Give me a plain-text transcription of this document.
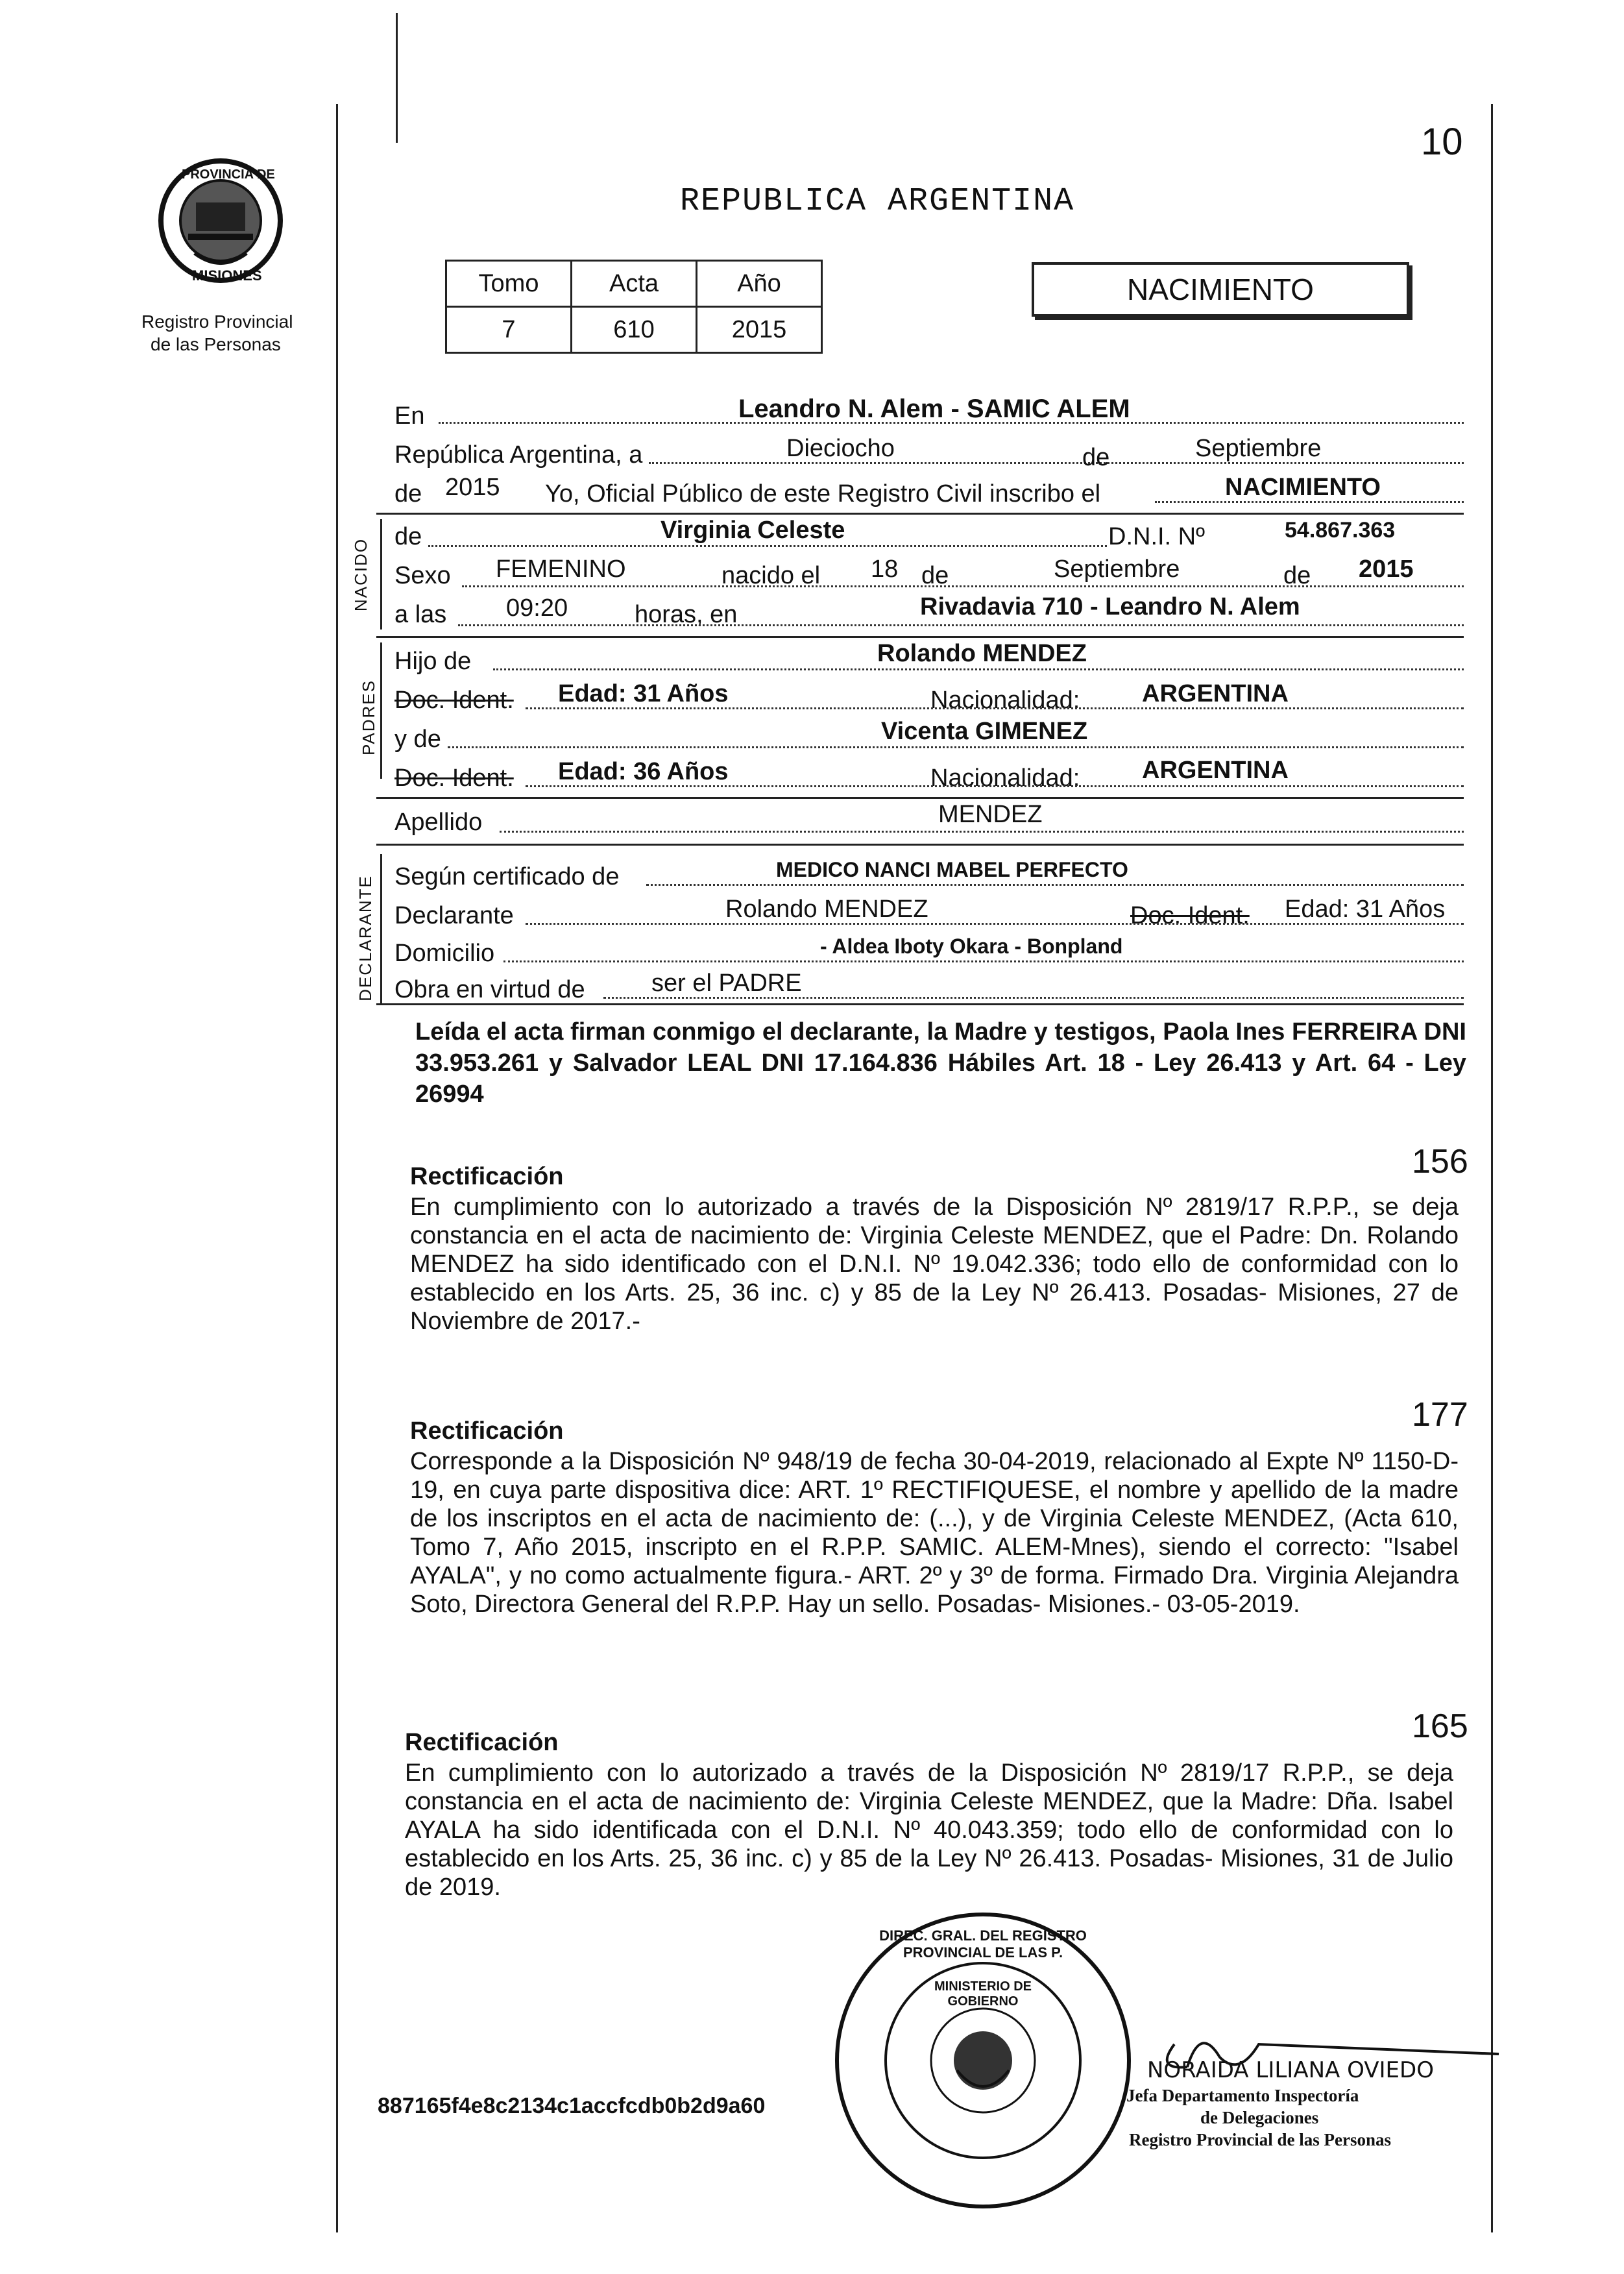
10
PROVINCIA DE
MISIONES
Registro Provincial
de las Personas
REPUBLICA ARGENTINA
Tomo	Acta	Año
7	610	2015
NACIMIENTO
En	Leandro N. Alem - SAMIC ALEM
República Argentina, a	Dieciocho	de	Septiembre
de 2015 Yo, Oficial Público de este Registro Civil inscribo el	NACIMIENTO
NACIDO
de	Virginia Celeste	D.N.I. Nº	54.867.363
Sexo FEMENINO	nacido el 18 de	Septiembre	de 2015
a las 09:20	horas, en	Rivadavia 710 - Leandro N. Alem
PADRES
Hijo de	Rolando MENDEZ
Doc. Ident. Edad: 31 Años	Nacionalidad:	ARGENTINA
y de	Vicenta GIMENEZ
Doc. Ident. Edad: 36 Años	Nacionalidad:	ARGENTINA
Apellido	MENDEZ
DECLARANTE Según certificado de	MEDICO NANCI MABEL PERFECTO
Declarante	Rolando MENDEZ	Doc. Ident. Edad: 31 Años
Domicilio	- Aldea Iboty Okara - Bonpland
Obra en virtud de	ser el PADRE
Leída el acta firman conmigo el declarante, la Madre y testigos, Paola Ines FERREIRA DNI 33.953.261 y Salvador LEAL DNI 17.164.836 Hábiles Art. 18 - Ley 26.413 y Art. 64 - Ley 26994
156
Rectificación
En cumplimiento con lo autorizado a través de la Disposición Nº 2819/17 R.P.P., se deja constancia en el acta de nacimiento de: Virginia Celeste MENDEZ, que el Padre: Dn. Rolando MENDEZ ha sido identificado con el D.N.I. Nº 19.042.336; todo ello de conformidad con lo establecido en los Arts. 25, 36 inc. c) y 85 de la Ley Nº 26.413. Posadas- Misiones, 27 de Noviembre de 2017.-
177
Rectificación
Corresponde a la Disposición Nº 948/19 de fecha 30-04-2019, relacionado al Expte Nº 1150-D-19, en cuya parte dispositiva dice: ART. 1º RECTIFIQUESE, el nombre y apellido de la madre de los inscriptos en el acta de nacimiento de: (...), y de Virginia Celeste MENDEZ, (Acta 610, Tomo 7, Año 2015, inscripto en el R.P.P. SAMIC. ALEM-Mnes), siendo el correcto: "Isabel AYALA", y no como actualmente figura.- ART. 2º y 3º de forma. Firmado Dra. Virginia Alejandra Soto, Directora General del R.P.P. Hay un sello. Posadas- Misiones.- 03-05-2019.
165
Rectificación
En cumplimiento con lo autorizado a través de la Disposición Nº 2819/17 R.P.P., se deja constancia en el acta de nacimiento de: Virginia Celeste MENDEZ, que la Madre: Dña. Isabel AYALA ha sido identificada con el D.N.I. Nº 40.043.359; todo ello de conformidad con lo establecido en los Arts. 25, 36 inc. c) y 85 de la Ley Nº 26.413. Posadas- Misiones, 31 de Julio de 2019.
DIREC. GRAL. DEL REGISTRO PROVINCIAL DE LAS P.
MINISTERIO DE GOBIERNO
887165f4e8c2134c1accfcdb0b2d9a60
NORAIDA LILIANA OVIEDO
Jefa Departamento Inspectoría
de Delegaciones
Registro Provincial de las Personas
